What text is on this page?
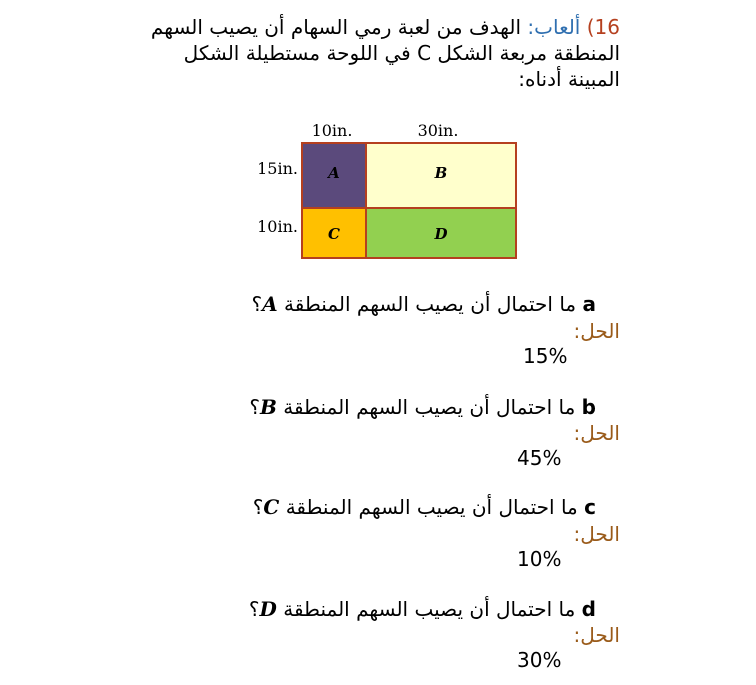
16) ألعاب: الهدف من لعبة رمي السهام أن يصيب السهم
المنطقة مربعة الشكل C في اللوحة مستطيلة الشكل
المبينة أدناه:
10in.	30in.
15in.
10in.
A	B
C	D
a ما احتمال أن يصيب السهم المنطقة A؟
الحل:
15%
b ما احتمال أن يصيب السهم المنطقة B؟
الحل:
45%
c ما احتمال أن يصيب السهم المنطقة C؟
الحل:
10%
d ما احتمال أن يصيب السهم المنطقة D؟
الحل:
30%
